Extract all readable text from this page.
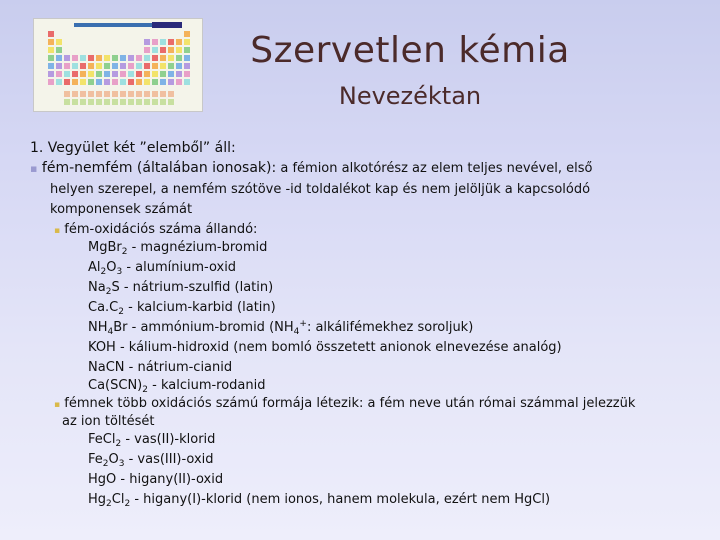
Szervetlen kémia
Nevezéktan
1. Vegyület két ”elemből” áll:
▪ fém-nemfém (általában ionosak): a fémion alkotórész az elem teljes nevével, első
helyen szerepel, a nemfém szótöve -id toldalékot kap és nem jelöljük a kapcsolódó
komponensek számát
▪ fém-oxidációs száma állandó:
MgBr$_2$ - magnézium-bromid
$Al_2O_3$ - alumínium-oxid
$Na_2S$ - nátrium-szulfid (latin)
$Ca.C_2$ - kalcium-karbid (latin)
$NH_4Br$ - ammónium-bromid ($NH_4^+$: alkálifémekhez soroljuk)
KOH - kálium-hidroxid (nem bomló összetett anionok elnevezése analóg)
NaCN - nátrium-cianid
$Ca(SCN)_2$ - kalcium-rodanid
▪ fémnek több oxidációs számú formája létezik: a fém neve után római számmal jelezzük
az ion töltését
FeCl$_2$ - vas(II)-klorid
$Fe_2O_3$ - vas(III)-oxid
HgO - higany(II)-oxid
$Hg_2Cl_2$ - higany(I)-klorid (nem ionos, hanem molekula, ezért nem HgCl)
